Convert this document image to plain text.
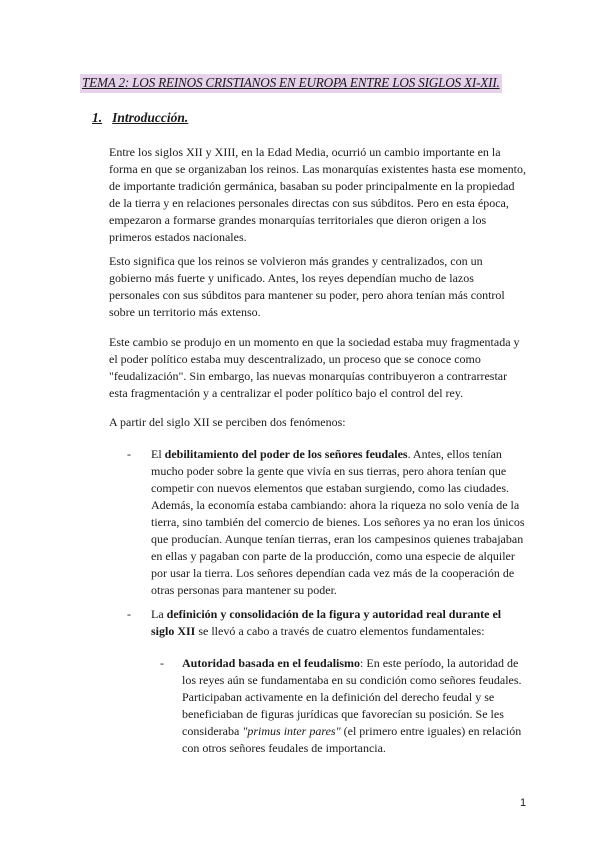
TEMA 2: LOS REINOS CRISTIANOS EN EUROPA ENTRE LOS SIGLOS XI-XII.
1. Introducción.

Entre los siglos XII y XIII, en la Edad Media, ocurrió un cambio importante en la forma en que se organizaban los reinos. Las monarquías existentes hasta ese momento, de importante tradición germánica, basaban su poder principalmente en la propiedad de la tierra y en relaciones personales directas con sus súbditos. Pero en esta época, empezaron a formarse grandes monarquías territoriales que dieron origen a los primeros estados nacionales.

Esto significa que los reinos se volvieron más grandes y centralizados, con un gobierno más fuerte y unificado. Antes, los reyes dependían mucho de lazos personales con sus súbditos para mantener su poder, pero ahora tenían más control sobre un territorio más extenso.

Este cambio se produjo en un momento en que la sociedad estaba muy fragmentada y el poder político estaba muy descentralizado, un proceso que se conoce como "feudalización". Sin embargo, las nuevas monarquías contribuyeron a contrarrestar esta fragmentación y a centralizar el poder político bajo el control del rey.

A partir del siglo XII se perciben dos fenómenos:

-	El debilitamiento del poder de los señores feudales. Antes, ellos tenían mucho poder sobre la gente que vivía en sus tierras, pero ahora tenían que competir con nuevos elementos que estaban surgiendo, como las ciudades. Además, la economía estaba cambiando: ahora la riqueza no solo venía de la tierra, sino también del comercio de bienes. Los señores ya no eran los únicos que producían. Aunque tenían tierras, eran los campesinos quienes trabajaban en ellas y pagaban con parte de la producción, como una especie de alquiler por usar la tierra. Los señores dependían cada vez más de la cooperación de otras personas para mantener su poder.

-	La definición y consolidación de la figura y autoridad real durante el siglo XII se llevó a cabo a través de cuatro elementos fundamentales:

-	Autoridad basada en el feudalismo: En este período, la autoridad de los reyes aún se fundamentaba en su condición como señores feudales. Participaban activamente en la definición del derecho feudal y se beneficiaban de figuras jurídicas que favorecían su posición. Se les consideraba "primus inter pares" (el primero entre iguales) en relación con otros señores feudales de importancia.

1
